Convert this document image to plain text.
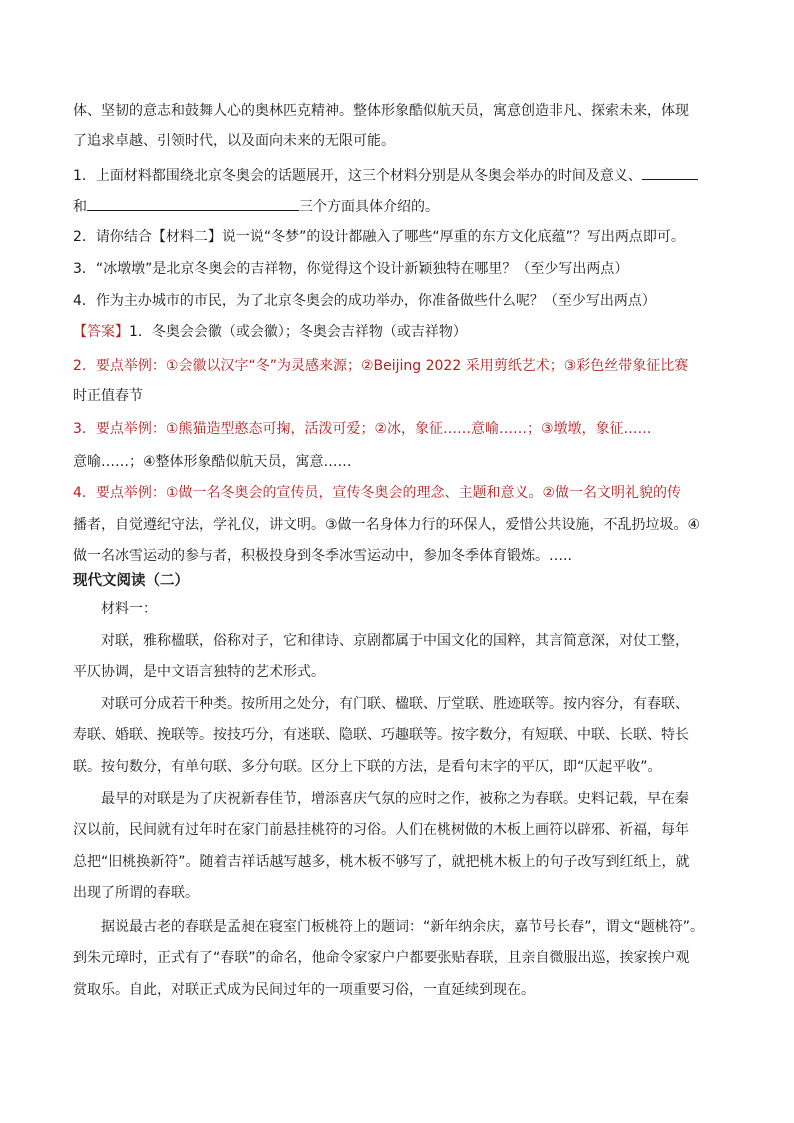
体、坚韧的意志和鼓舞人心的奥林匹克精神。整体形象酷似航天员，寓意创造非凡、探索未来，体现
了追求卓越、引领时代，以及面向未来的无限可能。
1．上面材料都围绕北京冬奥会的话题展开，这三个材料分别是从冬奥会举办的时间及意义、
和	三个方面具体介绍的。
2．请你结合【材料二】说一说“冬梦”的设计都融入了哪些“厚重的东方文化底蕴”？写出两点即可。
3．“冰墩墩”是北京冬奥会的吉祥物，你觉得这个设计新颖独特在哪里？（至少写出两点）
4．作为主办城市的市民，为了北京冬奥会的成功举办，你准备做些什么呢？（至少写出两点）
【答案】1．冬奥会会徽（或会徽）；冬奥会吉祥物（或吉祥物）
2．要点举例：①会徽以汉字“冬”为灵感来源；②Beijing 2022 采用剪纸艺术；③彩色丝带象征比赛
时正值春节
3．要点举例：①熊猫造型憨态可掬，活泼可爱；②冰，象征……意喻……；③墩墩，象征……
意喻……；④整体形象酷似航天员，寓意……
4．要点举例：①做一名冬奥会的宣传员，宣传冬奥会的理念、主题和意义。②做一名文明礼貌的传
播者，自觉遵纪守法，学礼仪，讲文明。③做一名身体力行的环保人，爱惜公共设施，不乱扔垃圾。④
做一名冰雪运动的参与者，积极投身到冬季冰雪运动中，参加冬季体育锻炼。…..
现代文阅读（二）
材料一：
对联，雅称楹联，俗称对子，它和律诗、京剧都属于中国文化的国粹，其言简意深，对仗工整，
平仄协调，是中文语言独特的艺术形式。
对联可分成若干种类。按所用之处分，有门联、楹联、厅堂联、胜迹联等。按内容分，有春联、
寿联、婚联、挽联等。按技巧分，有迷联、隐联、巧趣联等。按字数分，有短联、中联、长联、特长
联。按句数分，有单句联、多分句联。区分上下联的方法，是看句末字的平仄，即“仄起平收”。
最早的对联是为了庆祝新春佳节，增添喜庆气氛的应时之作，被称之为春联。史料记载，早在秦
汉以前，民间就有过年时在家门前悬挂桃符的习俗。人们在桃树做的木板上画符以辟邪、祈福，每年
总把“旧桃换新符”。随着吉祥话越写越多，桃木板不够写了，就把桃木板上的句子改写到红纸上，就
出现了所谓的春联。
据说最古老的春联是孟昶在寝室门板桃符上的题词：“新年纳余庆，嘉节号长春”，谓文“题桃符”。
到朱元璋时，正式有了“春联”的命名，他命令家家户户都要张贴春联，且亲自微服出巡，挨家挨户观
赏取乐。自此，对联正式成为民间过年的一项重要习俗，一直延续到现在。
